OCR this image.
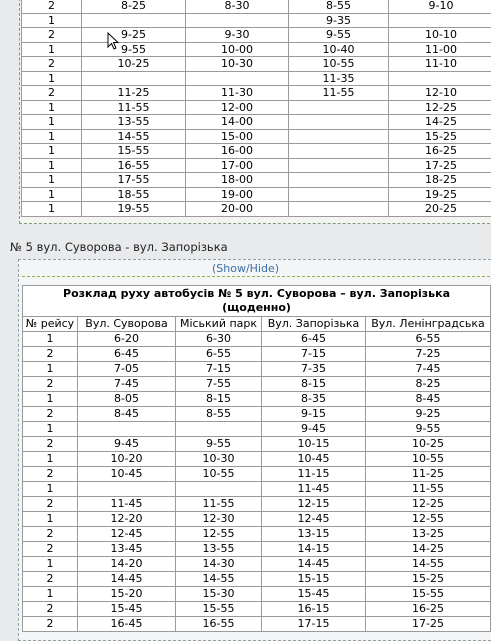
2	8-25	8-30	8-55	9-10
1			9-35	
2	9-25	9-30	9-55	10-10
1	9-55	10-00	10-40	11-00
2	10-25	10-30	10-55	11-10
1			11-35	
2	11-25	11-30	11-55	12-10
1	11-55	12-00		12-25
1	13-55	14-00		14-25
1	14-55	15-00		15-25
1	15-55	16-00		16-25
1	16-55	17-00		17-25
1	17-55	18-00		18-25
1	18-55	19-00		19-25
1	19-55	20-00		20-25
№ 5 вул. Суворова - вул. Запорізька
(Show/Hide)
Розклад руху автобусів № 5 вул. Суворова – вул. Запорізька
(щоденно)				
№ рейсу	Вул. Суворова	Міський парк	Вул. Запорізька	Вул. Ленінградська
1	6-20	6-30	6-45	6-55
2	6-45	6-55	7-15	7-25
1	7-05	7-15	7-35	7-45
2	7-45	7-55	8-15	8-25
1	8-05	8-15	8-35	8-45
2	8-45	8-55	9-15	9-25
1			9-45	9-55
2	9-45	9-55	10-15	10-25
1	10-20	10-30	10-45	10-55
2	10-45	10-55	11-15	11-25
1			11-45	11-55
2	11-45	11-55	12-15	12-25
1	12-20	12-30	12-45	12-55
2	12-45	12-55	13-15	13-25
2	13-45	13-55	14-15	14-25
1	14-20	14-30	14-45	14-55
2	14-45	14-55	15-15	15-25
1	15-20	15-30	15-45	15-55
2	15-45	15-55	16-15	16-25
2	16-45	16-55	17-15	17-25
